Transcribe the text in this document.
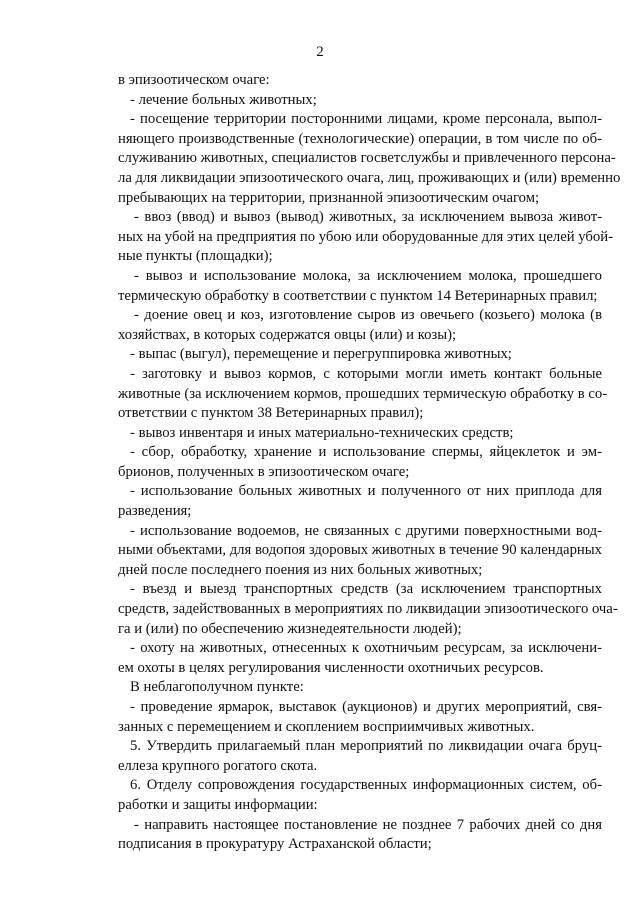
2
в эпизоотическом очаге:
- лечение больных животных;
- посещение территории посторонними лицами, кроме персонала, выпол-
няющего производственные (технологические) операции, в том числе по об-
служиванию животных, специалистов госветслужбы и привлеченного персона-
ла для ликвидации эпизоотического очага, лиц, проживающих и (или) временно
пребывающих на территории, признанной эпизоотическим очагом;
- ввоз (ввод) и вывоз (вывод) животных, за исключением вывоза живот-
ных на убой на предприятия по убою или оборудованные для этих целей убой-
ные пункты (площадки);
- вывоз и использование молока, за исключением молока, прошедшего
термическую обработку в соответствии с пунктом 14 Ветеринарных правил;
- доение овец и коз, изготовление сыров из овечьего (козьего) молока (в
хозяйствах, в которых содержатся овцы (или) и козы);
- выпас (выгул), перемещение и перегруппировка животных;
- заготовку и вывоз кормов, с которыми могли иметь контакт больные
животные (за исключением кормов, прошедших термическую обработку в со-
ответствии с пунктом 38 Ветеринарных правил);
- вывоз инвентаря и иных материально-технических средств;
- сбор, обработку, хранение и использование спермы, яйцеклеток и эм-
брионов, полученных в эпизоотическом очаге;
- использование больных животных и полученного от них приплода для
разведения;
- использование водоемов, не связанных с другими поверхностными вод-
ными объектами, для водопоя здоровых животных в течение 90 календарных
дней после последнего поения из них больных животных;
- въезд и выезд транспортных средств (за исключением транспортных
средств, задействованных в мероприятиях по ликвидации эпизоотического оча-
га и (или) по обеспечению жизнедеятельности людей);
- охоту на животных, отнесенных к охотничьим ресурсам, за исключени-
ем охоты в целях регулирования численности охотничьих ресурсов.
В неблагополучном пункте:
- проведение ярмарок, выставок (аукционов) и других мероприятий, свя-
занных с перемещением и скоплением восприимчивых животных.
5. Утвердить прилагаемый план мероприятий по ликвидации очага бруц-
еллеза крупного рогатого скота.
6. Отделу сопровождения государственных информационных систем, об-
работки и защиты информации:
- направить настоящее постановление не позднее 7 рабочих дней со дня
подписания в прокуратуру Астраханской области;
